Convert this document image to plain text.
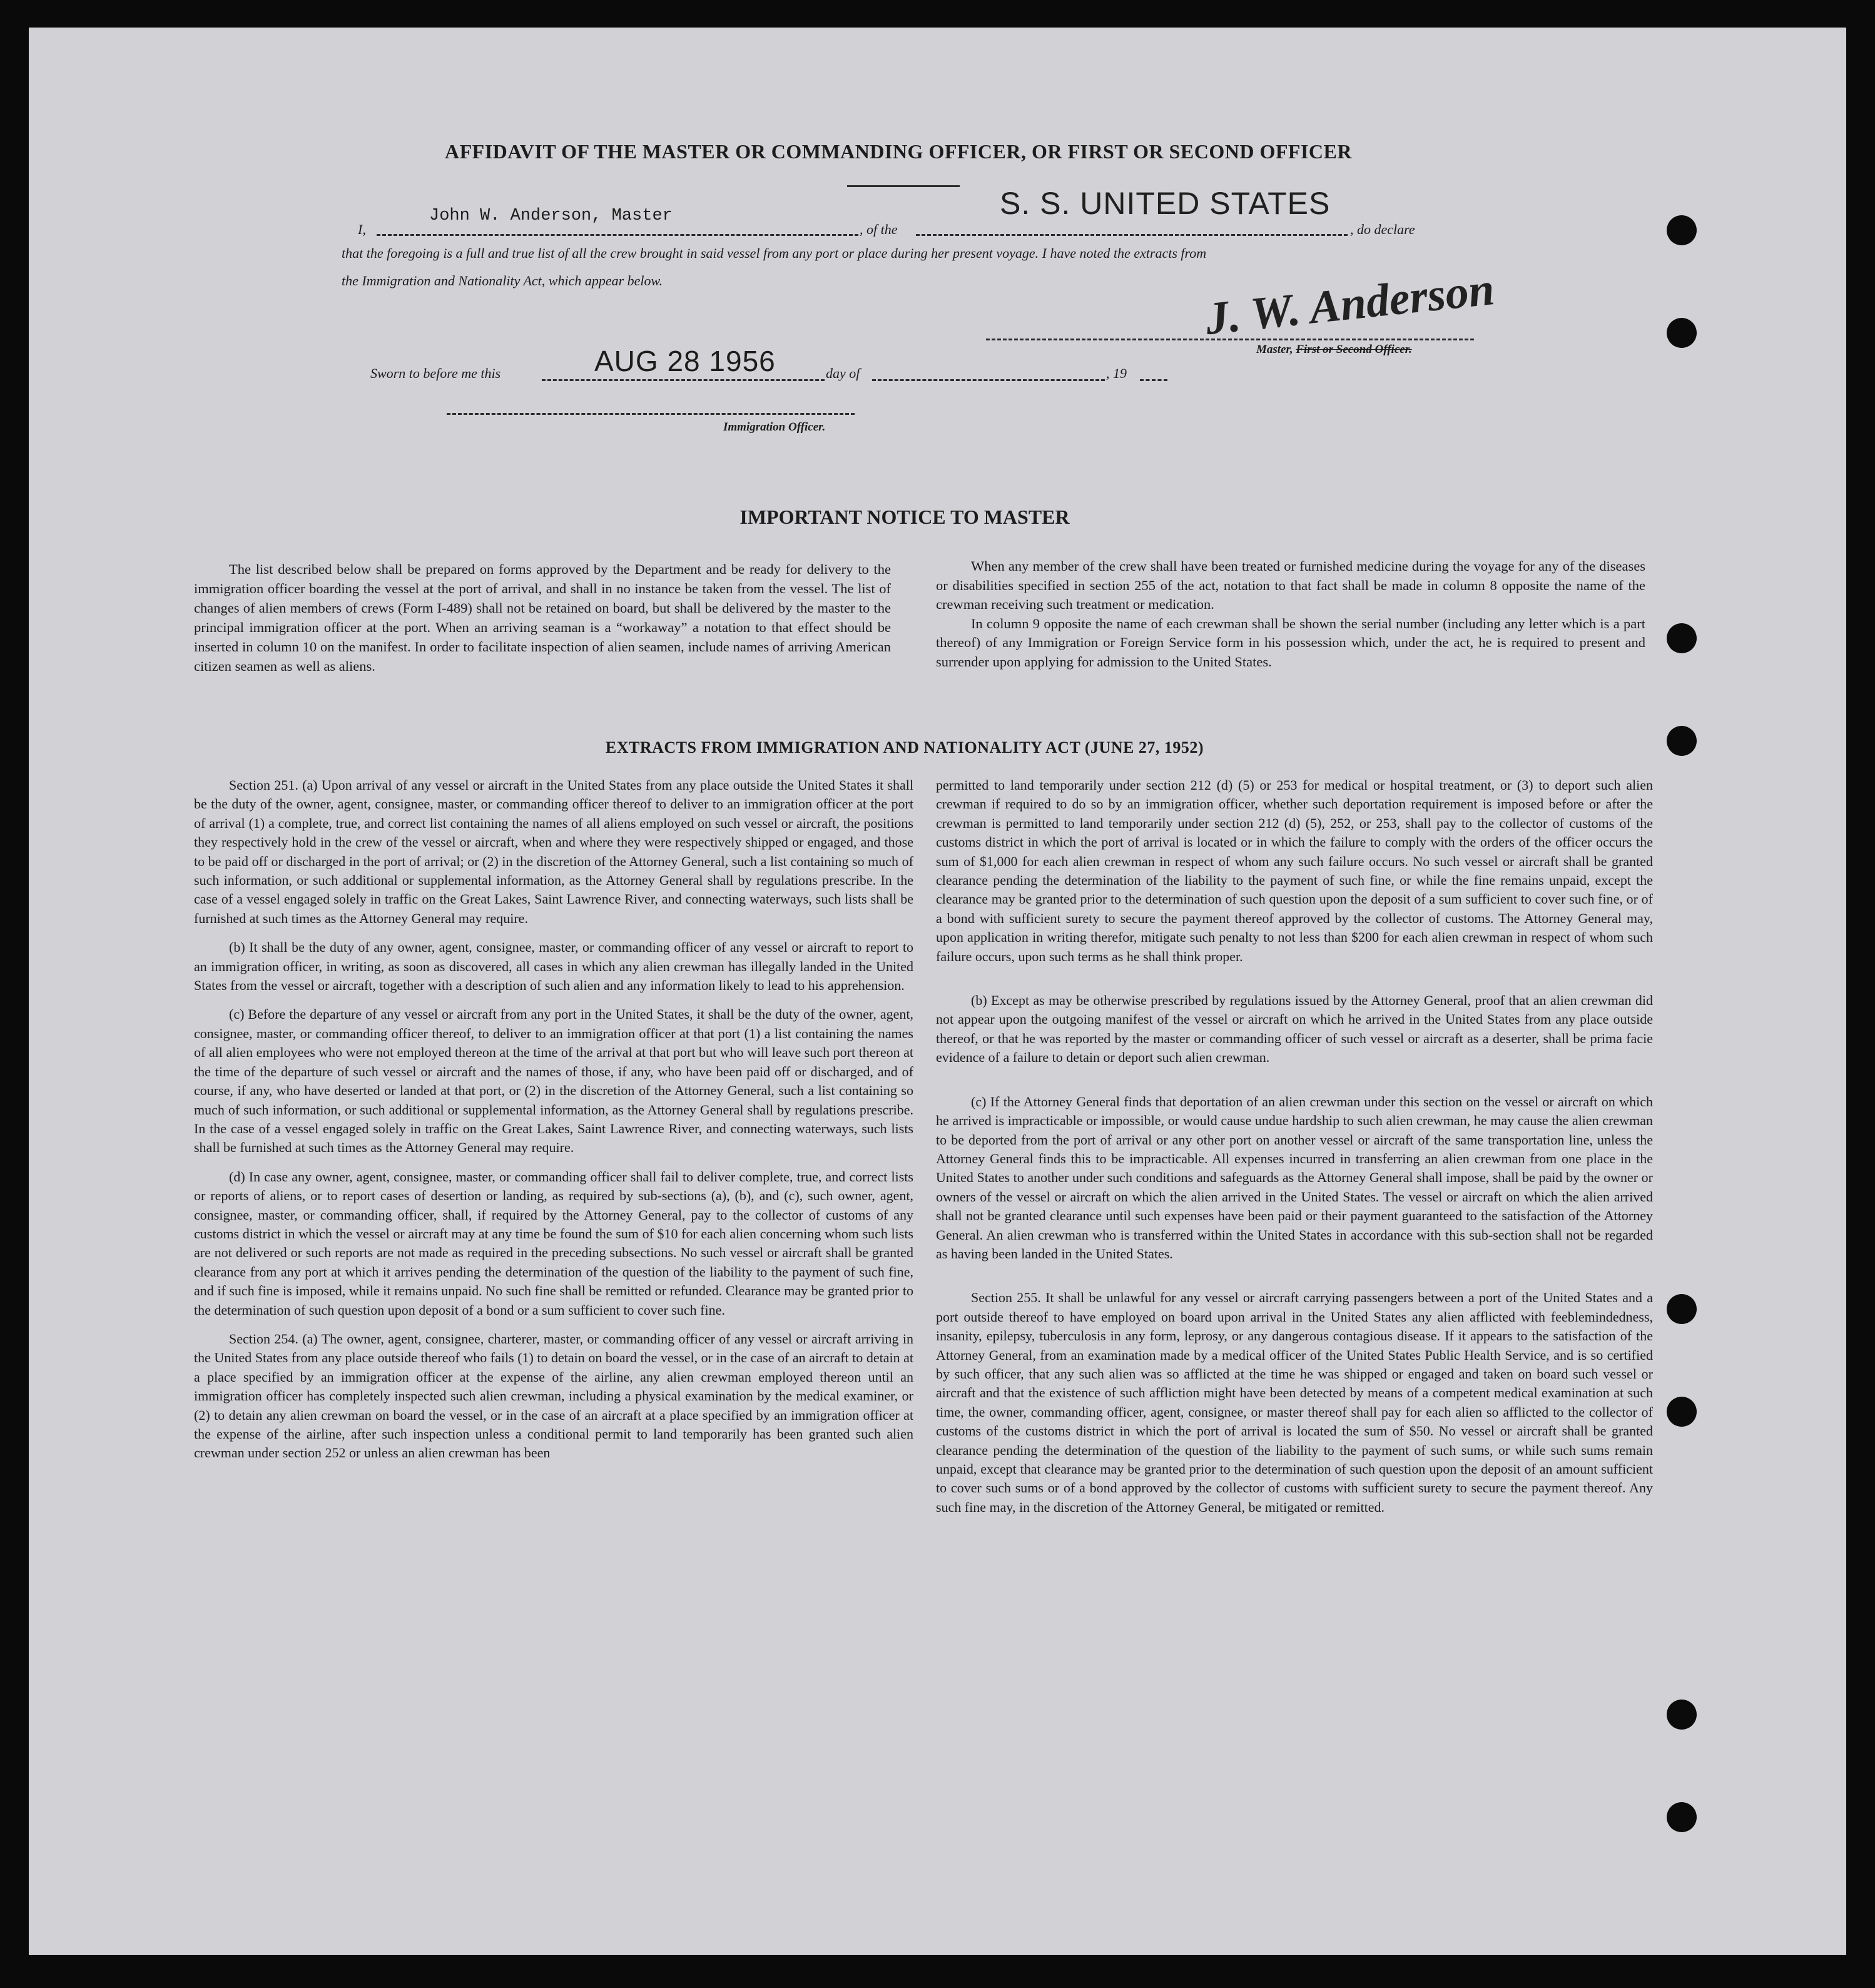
AFFIDAVIT OF THE MASTER OR COMMANDING OFFICER, OR FIRST OR SECOND OFFICER
I,
John W. Anderson, Master
, of the
S. S. UNITED STATES
, do declare
that the foregoing is a full and true list of all the crew brought in said vessel from any port or place during her present voyage. I have noted the extracts from
the Immigration and Nationality Act, which appear below.	J. W. Anderson
Master, First or Second Officer.
Sworn to before me this	AUG 28 1956	day of	, 19
Immigration Officer.
IMPORTANT NOTICE TO MASTER

The list described below shall be prepared on forms approved by the Department and be ready for delivery to the immigration officer boarding the vessel at the port of arrival, and shall in no instance be taken from the vessel. The list of changes of alien members of crews (Form I-489) shall not be retained on board, but shall be delivered by the master to the principal immigration officer at the port. When an arriving seaman is a “workaway” a notation to that effect should be inserted in column 10 on the manifest. In order to facilitate inspection of alien seamen, include names of arriving American citizen seamen as well as aliens.

When any member of the crew shall have been treated or furnished medicine during the voyage for any of the diseases or disabilities specified in section 255 of the act, notation to that fact shall be made in column 8 opposite the name of the crewman receiving such treatment or medication.

In column 9 opposite the name of each crewman shall be shown the serial number (including any letter which is a part thereof) of any Immigration or Foreign Service form in his possession which, under the act, he is required to present and surrender upon applying for admission to the United States.

EXTRACTS FROM IMMIGRATION AND NATIONALITY ACT (JUNE 27, 1952)

Section 251. (a) Upon arrival of any vessel or aircraft in the United States from any place outside the United States it shall be the duty of the owner, agent, consignee, master, or commanding officer thereof to deliver to an immigration officer at the port of arrival (1) a complete, true, and correct list containing the names of all aliens employed on such vessel or aircraft, the positions they respectively hold in the crew of the vessel or aircraft, when and where they were respectively shipped or engaged, and those to be paid off or discharged in the port of arrival; or (2) in the discretion of the Attorney General, such a list containing so much of such information, or such additional or supplemental information, as the Attorney General shall by regulations prescribe. In the case of a vessel engaged solely in traffic on the Great Lakes, Saint Lawrence River, and connecting waterways, such lists shall be furnished at such times as the Attorney General may require.

(b) It shall be the duty of any owner, agent, consignee, master, or commanding officer of any vessel or aircraft to report to an immigration officer, in writing, as soon as discovered, all cases in which any alien crewman has illegally landed in the United States from the vessel or aircraft, together with a description of such alien and any information likely to lead to his apprehension.

(c) Before the departure of any vessel or aircraft from any port in the United States, it shall be the duty of the owner, agent, consignee, master, or commanding officer thereof, to deliver to an immigration officer at that port (1) a list containing the names of all alien employees who were not employed thereon at the time of the arrival at that port but who will leave such port thereon at the time of the departure of such vessel or aircraft and the names of those, if any, who have been paid off or discharged, and of course, if any, who have deserted or landed at that port, or (2) in the discretion of the Attorney General, such a list containing so much of such information, or such additional or supplemental information, as the Attorney General shall by regulations prescribe. In the case of a vessel engaged solely in traffic on the Great Lakes, Saint Lawrence River, and connecting waterways, such lists shall be furnished at such times as the Attorney General may require.

(d) In case any owner, agent, consignee, master, or commanding officer shall fail to deliver complete, true, and correct lists or reports of aliens, or to report cases of desertion or landing, as required by sub-sections (a), (b), and (c), such owner, agent, consignee, master, or commanding officer, shall, if required by the Attorney General, pay to the collector of customs of any customs district in which the vessel or aircraft may at any time be found the sum of $10 for each alien concerning whom such lists are not delivered or such reports are not made as required in the preceding subsections. No such vessel or aircraft shall be granted clearance from any port at which it arrives pending the determination of the question of the liability to the payment of such fine, and if such fine is imposed, while it remains unpaid. No such fine shall be remitted or refunded. Clearance may be granted prior to the determination of such question upon deposit of a bond or a sum sufficient to cover such fine.

Section 254. (a) The owner, agent, consignee, charterer, master, or commanding officer of any vessel or aircraft arriving in the United States from any place outside thereof who fails (1) to detain on board the vessel, or in the case of an aircraft to detain at a place specified by an immigration officer at the expense of the airline, any alien crewman employed thereon until an immigration officer has completely inspected such alien crewman, including a physical examination by the medical examiner, or (2) to detain any alien crewman on board the vessel, or in the case of an aircraft at a place specified by an immigration officer at the expense of the airline, after such inspection unless a conditional permit to land temporarily has been granted such alien crewman under section 252 or unless an alien crewman has been

permitted to land temporarily under section 212 (d) (5) or 253 for medical or hospital treatment, or (3) to deport such alien crewman if required to do so by an immigration officer, whether such deportation requirement is imposed before or after the crewman is permitted to land temporarily under section 212 (d) (5), 252, or 253, shall pay to the collector of customs of the customs district in which the port of arrival is located or in which the failure to comply with the orders of the officer occurs the sum of $1,000 for each alien crewman in respect of whom any such failure occurs. No such vessel or aircraft shall be granted clearance pending the determination of the liability to the payment of such fine, or while the fine remains unpaid, except the clearance may be granted prior to the determination of such question upon the deposit of a sum sufficient to cover such fine, or of a bond with sufficient surety to secure the payment thereof approved by the collector of customs. The Attorney General may, upon application in writing therefor, mitigate such penalty to not less than $200 for each alien crewman in respect of whom such failure occurs, upon such terms as he shall think proper.

(b) Except as may be otherwise prescribed by regulations issued by the Attorney General, proof that an alien crewman did not appear upon the outgoing manifest of the vessel or aircraft on which he arrived in the United States from any place outside thereof, or that he was reported by the master or commanding officer of such vessel or aircraft as a deserter, shall be prima facie evidence of a failure to detain or deport such alien crewman.

(c) If the Attorney General finds that deportation of an alien crewman under this section on the vessel or aircraft on which he arrived is impracticable or impossible, or would cause undue hardship to such alien crewman, he may cause the alien crewman to be deported from the port of arrival or any other port on another vessel or aircraft of the same transportation line, unless the Attorney General finds this to be impracticable. All expenses incurred in transferring an alien crewman from one place in the United States to another under such conditions and safeguards as the Attorney General shall impose, shall be paid by the owner or owners of the vessel or aircraft on which the alien arrived in the United States. The vessel or aircraft on which the alien arrived shall not be granted clearance until such expenses have been paid or their payment guaranteed to the satisfaction of the Attorney General. An alien crewman who is transferred within the United States in accordance with this sub-section shall not be regarded as having been landed in the United States.

Section 255. It shall be unlawful for any vessel or aircraft carrying passengers between a port of the United States and a port outside thereof to have employed on board upon arrival in the United States any alien afflicted with feeblemindedness, insanity, epilepsy, tuberculosis in any form, leprosy, or any dangerous contagious disease. If it appears to the satisfaction of the Attorney General, from an examination made by a medical officer of the United States Public Health Service, and is so certified by such officer, that any such alien was so afflicted at the time he was shipped or engaged and taken on board such vessel or aircraft and that the existence of such affliction might have been detected by means of a competent medical examination at such time, the owner, commanding officer, agent, consignee, or master thereof shall pay for each alien so afflicted to the collector of customs of the customs district in which the port of arrival is located the sum of $50. No vessel or aircraft shall be granted clearance pending the determination of the question of the liability to the payment of such sums, or while such sums remain unpaid, except that clearance may be granted prior to the determination of such question upon the deposit of an amount sufficient to cover such sums or of a bond approved by the collector of customs with sufficient surety to secure the payment thereof. Any such fine may, in the discretion of the Attorney General, be mitigated or remitted.
